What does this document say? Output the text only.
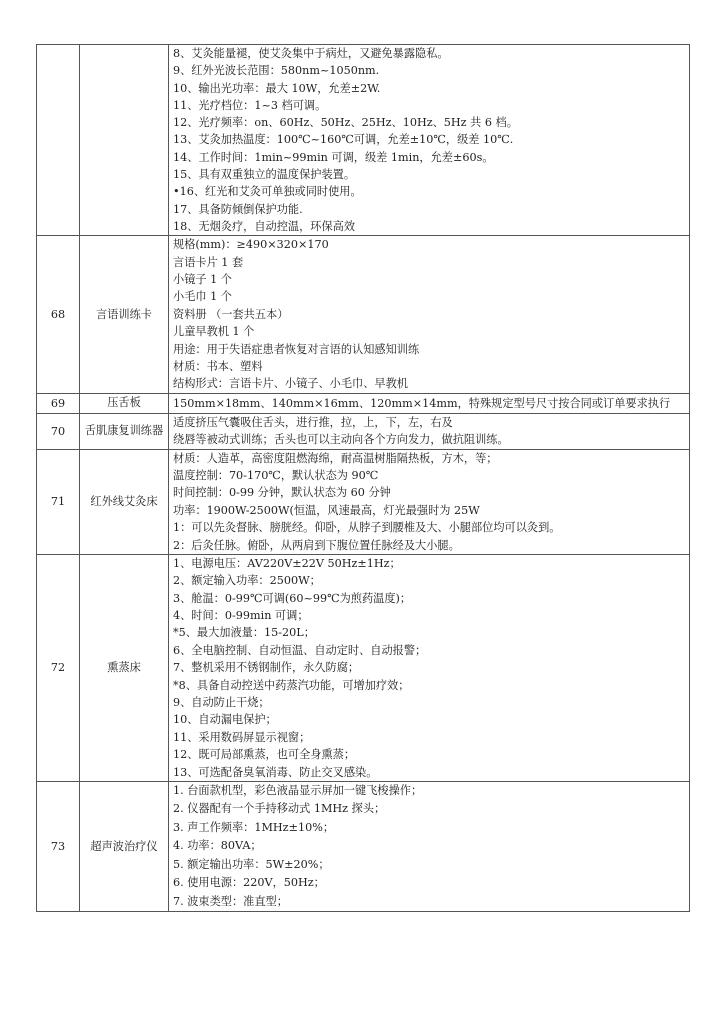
8、艾灸能量褪，使艾灸集中于病灶，又避免暴露隐私。
9、红外光波长范围：580nm~1050nm.
10、输出光功率：最大 10W，允差±2W.
11、光疗档位：1~3 档可调。
12、光疗频率：on、60Hz、50Hz、25Hz、10Hz、5Hz 共 6 档。
13、艾灸加热温度：100℃~160℃可调，允差±10℃，级差 10℃.
14、工作时间：1min~99min 可调，级差 1min，允差±60s。
15、具有双重独立的温度保护装置。
•16、红光和艾灸可单独或同时使用。
17、具备防倾倒保护功能.
18、无烟灸疗，自动控温，环保高效

68	言语训练卡	
规格(mm)：≥490×320×170
言语卡片 1 套
小镜子 1 个
小毛巾 1 个
资料册 （一套共五本）
儿童早教机 1 个
用途：用于失语症患者恢复对言语的认知感知训练
材质：书本、塑料
结构形式：言语卡片、小镜子、小毛巾、早教机

69	压舌板	150mm×18mm、140mm×16mm、120mm×14mm，特殊规定型号尺寸按合同或订单要求执行

70	舌肌康复训练器	适度挤压气囊吸住舌头，进行推，拉，上，下，左，右及
绕唇等被动式训练；舌头也可以主动向各个方向发力，做抗阻训练。

71	红外线艾灸床	
材质：人造革，高密度阻燃海绵，耐高温树脂隔热板，方木，等；
温度控制：70-170℃，默认状态为 90℃
时间控制：0-99 分钟，默认状态为 60 分钟
功率：1900W-2500W(恒温，风速最高，灯光最强时为 25W
1：可以先灸督脉、膀胱经。仰卧，从脖子到腰椎及大、小腿部位均可以灸到。
2：后灸任脉。俯卧，从两肩到下腹位置任脉经及大小腿。

72	熏蒸床	
1、电源电压：AV220V±22V 50Hz±1Hz；
2、额定输入功率：2500W；
3、舱温：0-99℃可调(60~99℃为煎药温度)；
4、时间：0-99min 可调；
*5、最大加液量：15-20L；
6、全电脑控制、自动恒温、自动定时、自动报警；
7、整机采用不锈钢制作，永久防腐；
*8、具备自动控送中药蒸汽功能，可增加疗效；
9、自动防止干烧；
10、自动漏电保护；
11、采用数码屏显示视窗；
12、既可局部熏蒸，也可全身熏蒸；
13、可选配备臭氧消毒、防止交叉感染。

73	超声波治疗仪	
1. 台面款机型，彩色液晶显示屏加一键飞梭操作；
2. 仪器配有一个手持移动式 1MHz 探头；
3. 声工作频率：1MHz±10%；
4. 功率：80VA；
5. 额定输出功率：5W±20%；
6. 使用电源：220V，50Hz；
7. 波束类型：准直型；
